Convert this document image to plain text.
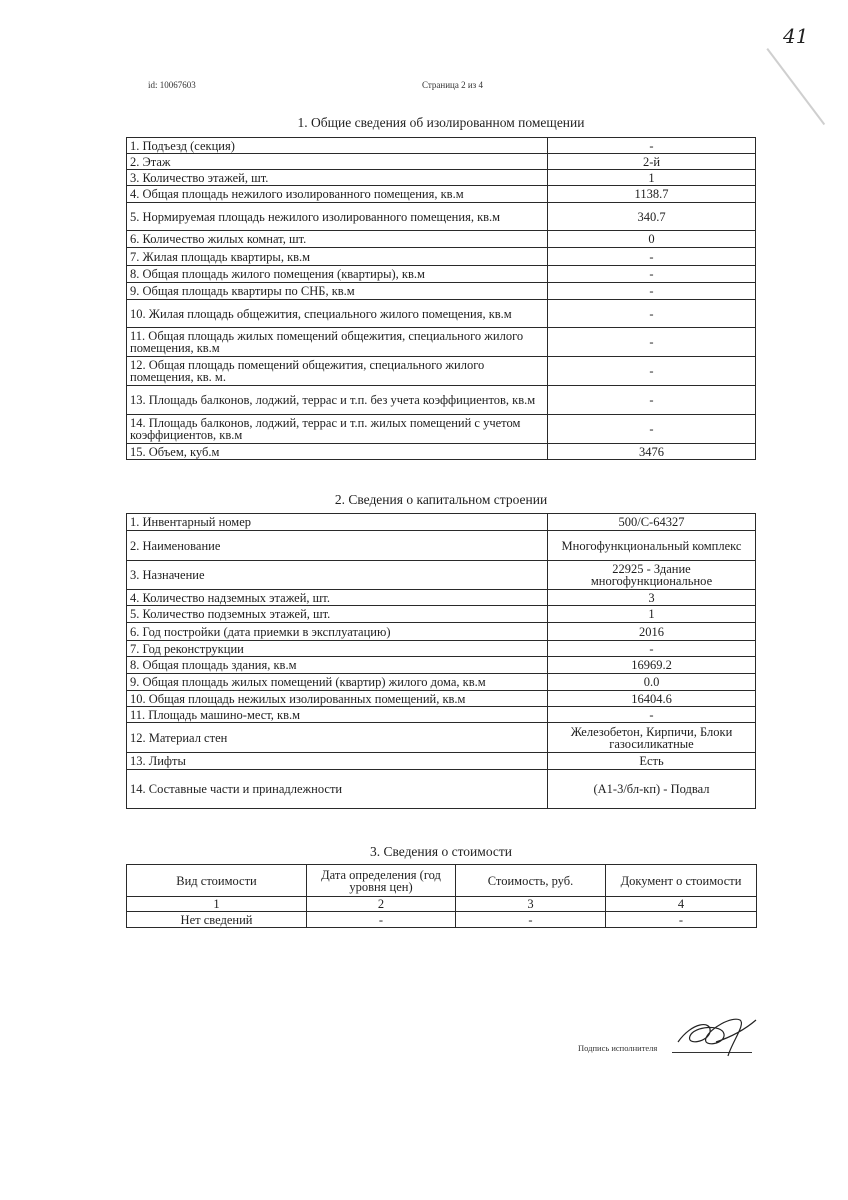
id: 10067603	Страница 2 из 4
41
1. Общие сведения об изолированном помещении
1. Подъезд (секция)	-
2. Этаж	2-й
3. Количество этажей, шт.	1
4. Общая площадь нежилого изолированного помещения, кв.м	1138.7
5. Нормируемая площадь нежилого изолированного помещения, кв.м	340.7
6. Количество жилых комнат, шт.	0
7. Жилая площадь квартиры, кв.м	-
8. Общая площадь жилого помещения (квартиры), кв.м	-
9. Общая площадь квартиры по СНБ, кв.м	-
10. Жилая площадь общежития, специального жилого помещения, кв.м	-
11. Общая площадь жилых помещений общежития, специального жилого помещения, кв.м	-
12. Общая площадь помещений общежития, специального жилого помещения, кв. м.	-
13. Площадь балконов, лоджий, террас и т.п. без учета коэффициентов, кв.м	-
14. Площадь балконов, лоджий, террас и т.п. жилых помещений с учетом коэффициентов, кв.м	-
15. Объем, куб.м	3476
2. Сведения о капитальном строении
1. Инвентарный номер	500/С-64327
2. Наименование	Многофункциональный комплекс
3. Назначение	22925 - Здание многофункциональное
4. Количество надземных этажей, шт.	3
5. Количество подземных этажей, шт.	1
6. Год постройки (дата приемки в эксплуатацию)	2016
7. Год реконструкции	-
8. Общая площадь здания, кв.м	16969.2
9. Общая площадь жилых помещений (квартир) жилого дома, кв.м	0.0
10. Общая площадь нежилых изолированных помещений, кв.м	16404.6
11. Площадь машино-мест, кв.м	-
12. Материал стен	Железобетон, Кирпичи, Блоки газосиликатные
13. Лифты	Есть
14. Составные части и принадлежности	(А1-3/бл-кп) - Подвал
3. Сведения о стоимости
Вид стоимости	Дата определения (год уровня цен)	Стоимость, руб.	Документ о стоимости
1	2	3	4
Нет сведений	-	-	-
Подпись исполнителя
